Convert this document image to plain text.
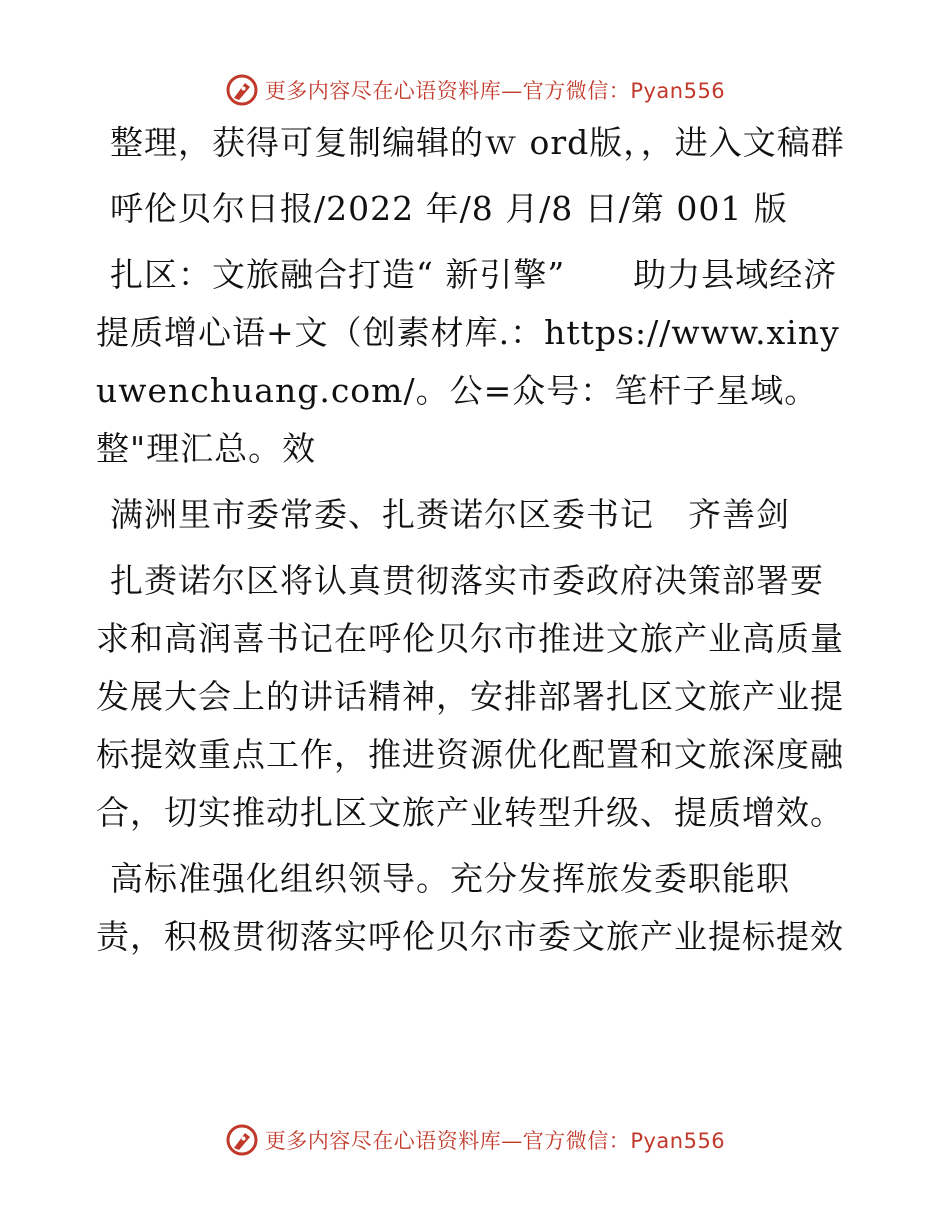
更多内容尽在心语资料库—官方微信：Pyan556

整理，获得可复制编辑的ｗ ord版，，进入文稿群

呼伦贝尔日报/2022 年/8 月/8 日/第 001 版

扎区：文旅融合打造“ 新引擎”　　助力县域经济提质增心语+文（创素材库.：https://www.xinyuwenchuang.com/。公=众号：笔杆子星域。整"理汇总。效

满洲里市委常委、扎赉诺尔区委书记　齐善剑

扎赉诺尔区将认真贯彻落实市委政府决策部署要求和高润喜书记在呼伦贝尔市推进文旅产业高质量发展大会上的讲话精神，安排部署扎区文旅产业提标提效重点工作，推进资源优化配置和文旅深度融合，切实推动扎区文旅产业转型升级、提质增效。

高标准强化组织领导。充分发挥旅发委职能职责，积极贯彻落实呼伦贝尔市委文旅产业提标提效

更多内容尽在心语资料库—官方微信：Pyan556
